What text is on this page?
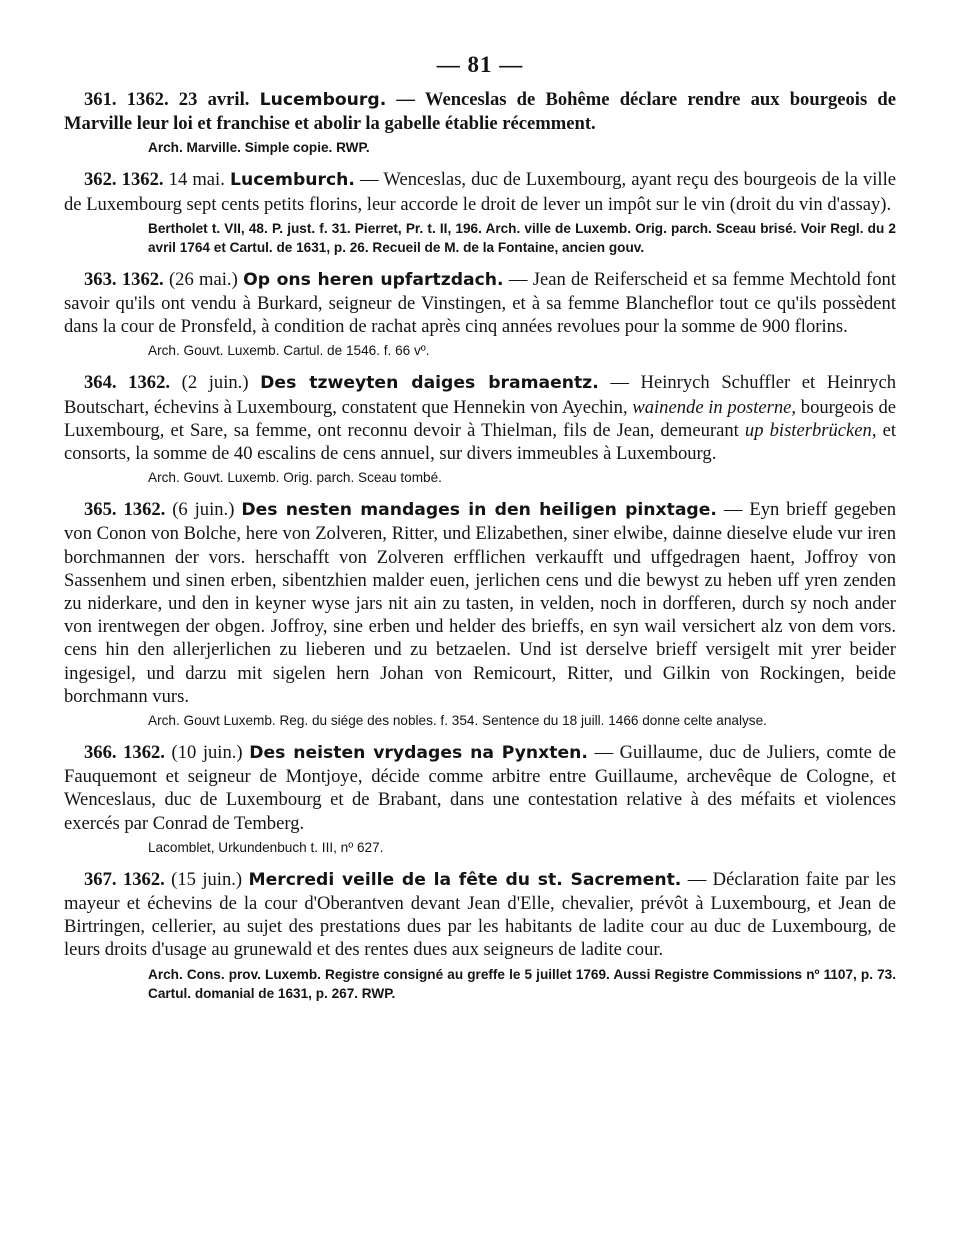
— 81 —

361. 1362. 23 avril. Lucembourg. — Wenceslas de Bohême déclare rendre aux bourgeois de Marville leur loi et franchise et abolir la gabelle établie récemment.

Arch. Marville. Simple copie. RWP.

362. 1362. 14 mai. Lucemburch. — Wenceslas, duc de Luxembourg, ayant reçu des bourgeois de la ville de Luxembourg sept cents petits florins, leur accorde le droit de lever un impôt sur le vin (droit du vin d'assay).

Bertholet t. VII, 48. P. just. f. 31. Pierret, Pr. t. II, 196. Arch. ville de Luxemb. Orig. parch. Sceau brisé. Voir Regl. du 2 avril 1764 et Cartul. de 1631, p. 26. Recueil de M. de la Fontaine, ancien gouv.

363. 1362. (26 mai.) Op ons heren upfartzdach. — Jean de Reiferscheid et sa femme Mechtold font savoir qu'ils ont vendu à Burkard, seigneur de Vinstingen, et à sa femme Blancheflor tout ce qu'ils possèdent dans la cour de Pronsfeld, à condition de rachat après cinq années revolues pour la somme de 900 florins.

Arch. Gouvt. Luxemb. Cartul. de 1546. f. 66 vº.

364. 1362. (2 juin.) Des tzweyten daiges bramaentz. — Heinrych Schuffler et Heinrych Boutschart, échevins à Luxembourg, constatent que Hennekin von Ayechin, wainende in posterne, bourgeois de Luxembourg, et Sare, sa femme, ont reconnu devoir à Thielman, fils de Jean, demeurant up bisterbrücken, et consorts, la somme de 40 escalins de cens annuel, sur divers immeubles à Luxembourg.

Arch. Gouvt. Luxemb. Orig. parch. Sceau tombé.

365. 1362. (6 juin.) Des nesten mandages in den heiligen pinxtage. — Eyn brieff gegeben von Conon von Bolche, here von Zolveren, Ritter, und Elizabethen, siner elwibe, dainne dieselve elude vur iren borchmannen der vors. herschafft von Zolveren erfflichen verkaufft und uffgedragen haent, Joffroy von Sassenhem und sinen erben, sibentzhien malder euen, jerlichen cens und die bewyst zu heben uff yren zenden zu niderkare, und den in keyner wyse jars nit ain zu tasten, in velden, noch in dorfferen, durch sy noch ander von irentwegen der obgen. Joffroy, sine erben und helder des brieffs, en syn wail versichert alz von dem vors. cens hin den allerjerlichen zu lieberen und zu betzaelen. Und ist derselve brieff versigelt mit yrer beider ingesigel, und darzu mit sigelen hern Johan von Remicourt, Ritter, und Gilkin von Rockingen, beide borchmann vurs.

Arch. Gouvt Luxemb. Reg. du siége des nobles. f. 354. Sentence du 18 juill. 1466 donne celte analyse.

366. 1362. (10 juin.) Des neisten vrydages na Pynxten. — Guillaume, duc de Juliers, comte de Fauquemont et seigneur de Montjoye, décide comme arbitre entre Guillaume, archevêque de Cologne, et Wenceslaus, duc de Luxembourg et de Brabant, dans une contestation relative à des méfaits et violences exercés par Conrad de Temberg.

Lacomblet, Urkundenbuch t. III, nº 627.

367. 1362. (15 juin.) Mercredi veille de la fête du st. Sacrement. — Déclaration faite par les mayeur et échevins de la cour d'Oberantven devant Jean d'Elle, chevalier, prévôt à Luxembourg, et Jean de Birtringen, cellerier, au sujet des prestations dues par les habitants de ladite cour au duc de Luxembourg, de leurs droits d'usage au grunewald et des rentes dues aux seigneurs de ladite cour.

Arch. Cons. prov. Luxemb. Registre consigné au greffe le 5 juillet 1769. Aussi Registre Commissions nº 1107, p. 73. Cartul. domanial de 1631, p. 267. RWP.
